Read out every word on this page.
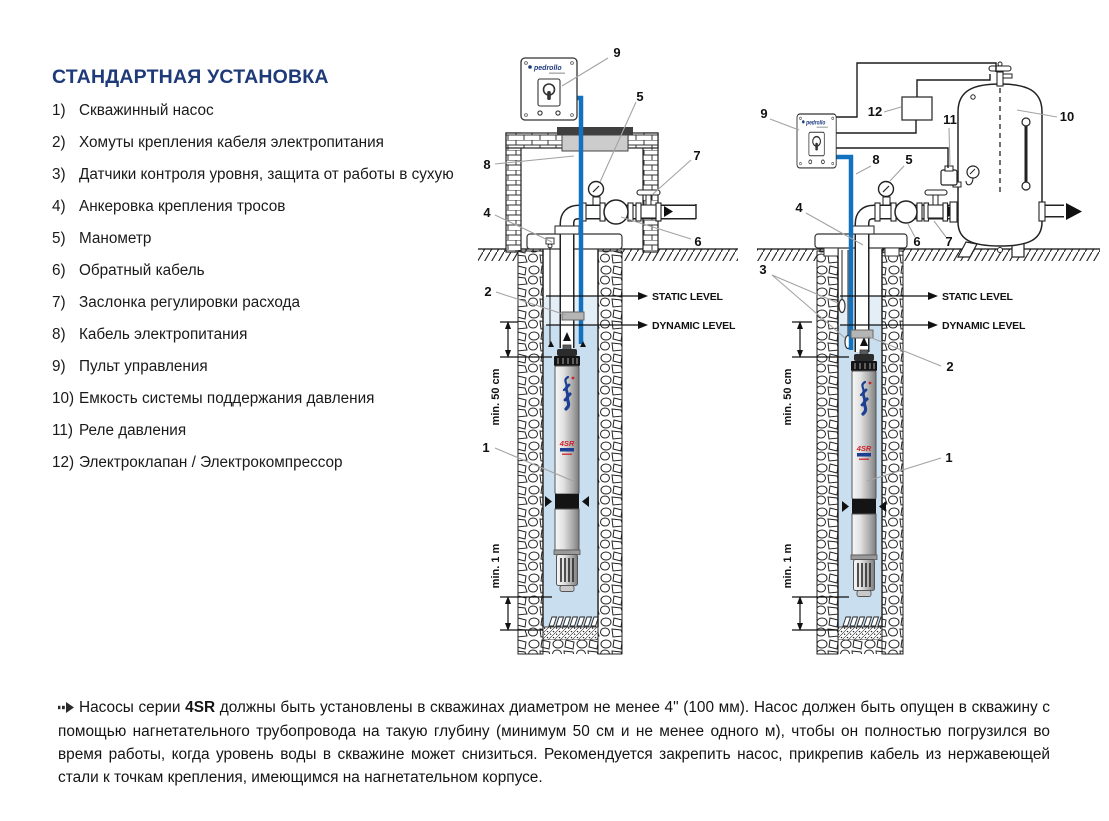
СТАНДАРТНАЯ УСТАНОВКА
1) Скважинный насос
2) Хомуты крепления кабеля электропитания
3) Датчики контроля уровня, защита от работы в сухую
4) Анкеровка крепления тросов
5) Манометр
6) Обратный кабель
7) Заслонка регулировки расхода
8) Кабель электропитания
9) Пульт управления
10) Емкость системы поддержания давления
11) Реле давления
12) Электроклапан / Электрокомпрессор
4SR
pedrollo
STATIC LEVEL
DYNAMIC LEVEL
min. 50 cm
min. 1 m
9
5
8
7
4
6
2
1
STATIC LEVEL
DYNAMIC LEVEL
min. 50 cm
min. 1 m
9	12
11	10
8 5
4
6 7
3
2
1

Насосы серии 4SR должны быть установлены в скважинах диаметром не менее 4" (100 мм). Насос должен быть опущен в скважину с помощью нагнетательного трубопровода на такую глубину (минимум 50 см и не менее одного м), чтобы он полностью погрузился во время работы, когда уровень воды в скважине может снизиться. Рекомендуется закрепить насос, прикрепив кабель из нержавеющей стали к точкам крепления, имеющимся на нагнетательном корпусе.
